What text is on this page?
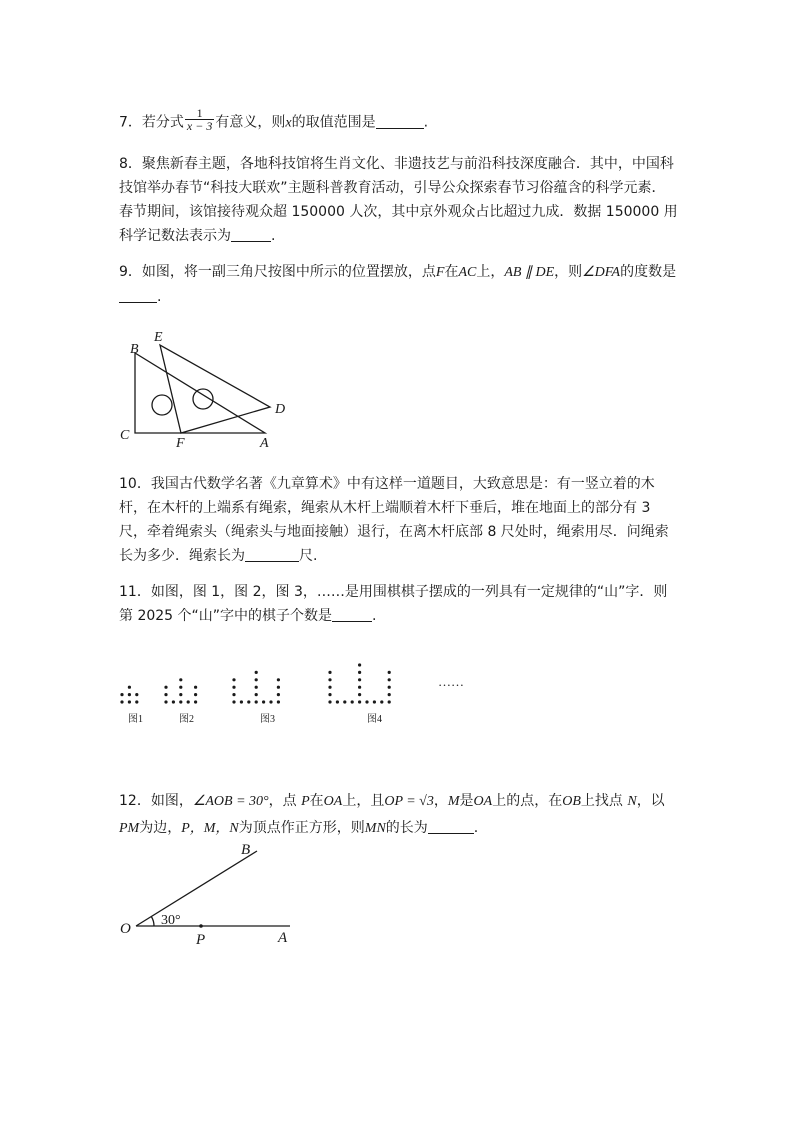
7．若分式 $\frac{1}{x - 3}$ 有意义，则x的取值范围是	.

8．聚焦新春主题，各地科技馆将生肖文化、非遗技艺与前沿科技深度融合．其中，中国科技馆举办春节“科技大联欢”主题科普教育活动，引导公众探索春节习俗蕴含的科学元素．春节期间，该馆接待观众超 150000 人次，其中京外观众占比超过九成．数据 150000 用科学记数法表示为	.

9．如图，将一副三角尺按图中所示的位置摆放，点F在AC上，AB ∥ DE，则∠DFA的度数是.

B
E
D
C
F	A

10．我国古代数学名著《九章算术》中有这样一道题目，大致意思是：有一竖立着的木杆，在木杆的上端系有绳索，绳索从木杆上端顺着木杆下垂后，堆在地面上的部分有 3 尺，牵着绳索头（绳索头与地面接触）退行，在离木杆底部 8 尺处时，绳索用尽．问绳索长为多少．绳索长为	尺.

11．如图，图 1，图 2，图 3，……是用围棋棋子摆成的一列具有一定规律的“山”字．则第 2025 个“山”字中的棋子个数是	.

……
图1	图2	图3	图4

12．如图，∠AOB = 30°，点 P在OA上，且OP = √3，M是OA上的点，在OB上找点 N，以PM为边，P，M，N为顶点作正方形，则MN的长为	.

B
O
30°
P	A
